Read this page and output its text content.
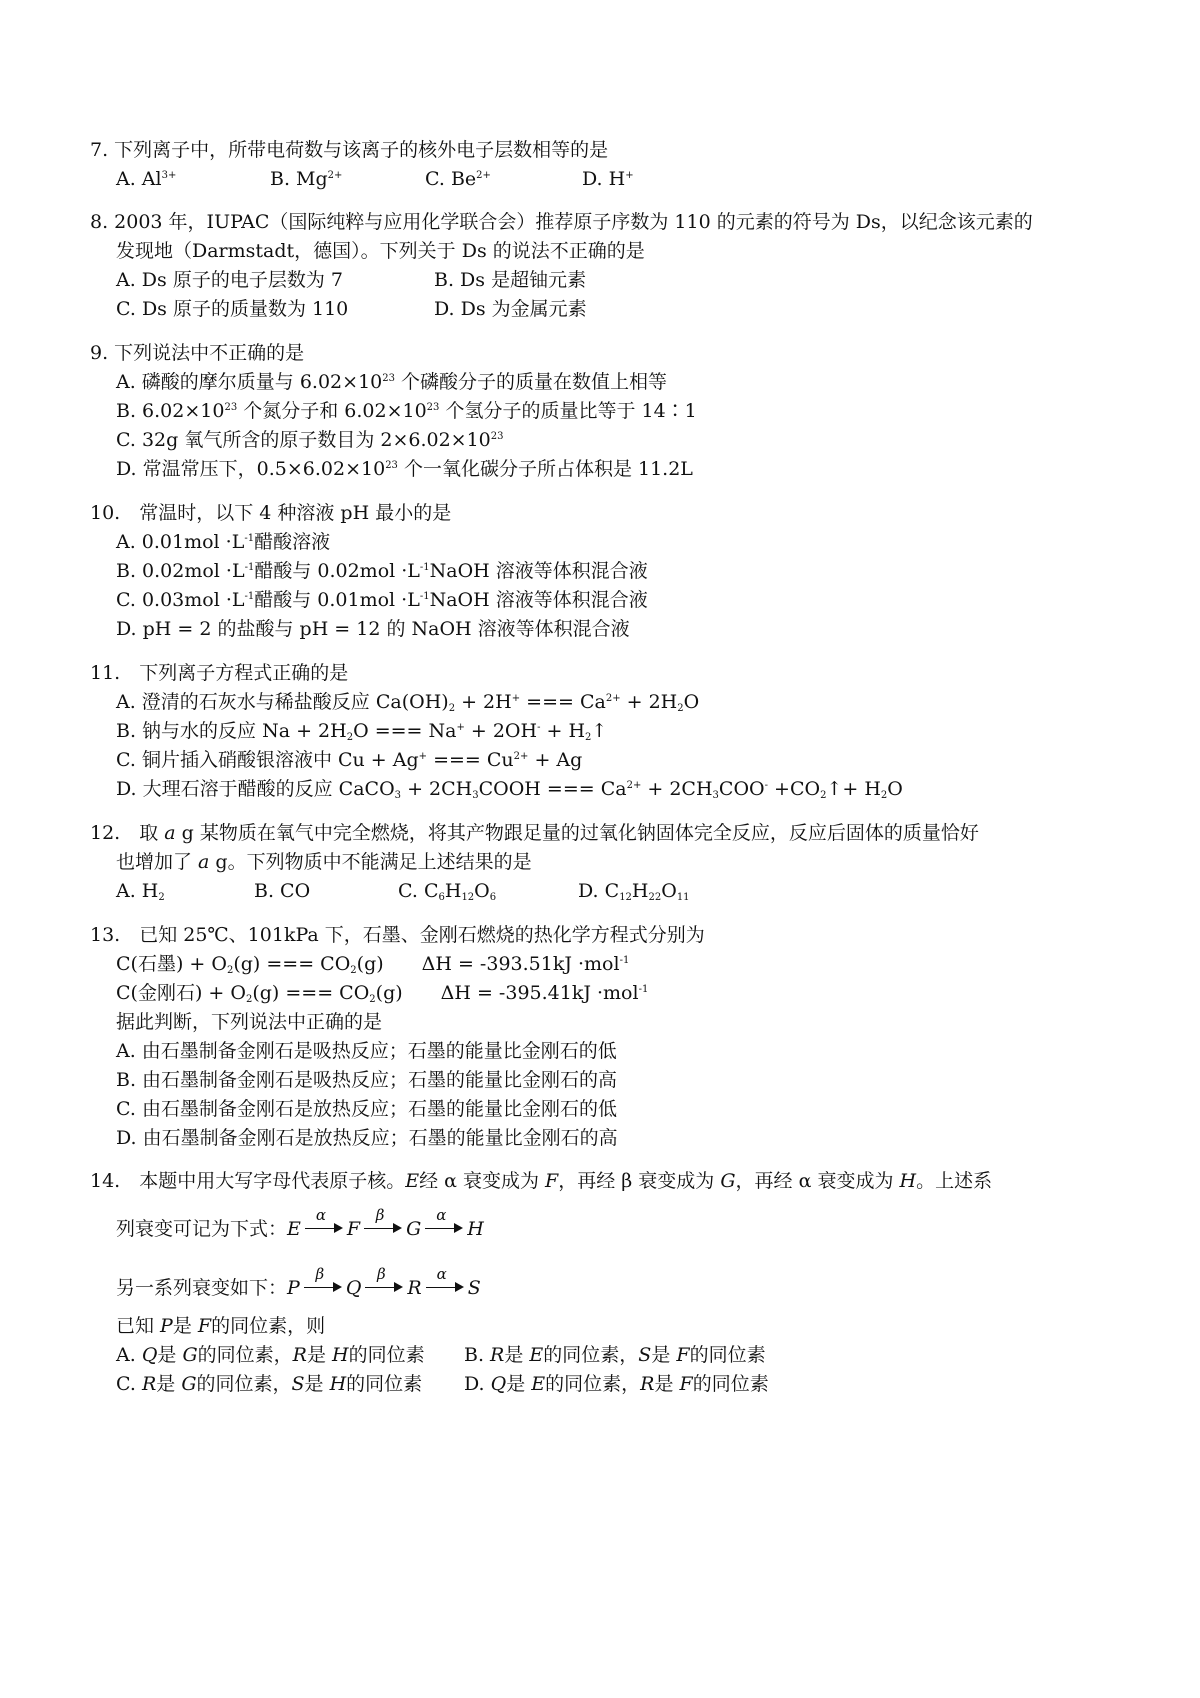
7. 下列离子中，所带电荷数与该离子的核外电子层数相等的是
A. $Al^{3+}$	B. $Mg^{2+}$	C. $Be^{2+}$	D. H+
8. 2003 年，IUPAC（国际纯粹与应用化学联合会）推荐原子序数为 110 的元素的符号为 Ds，以纪念该元素的
发现地（Darmstadt，德国）。下列关于 Ds 的说法不正确的是
A. Ds 原子的电子层数为 7	B. Ds 是超铀元素
C. Ds 原子的质量数为 110	D. Ds 为金属元素
9. 下列说法中不正确的是
A. 磷酸的摩尔质量与 $6.02\times 10^{23}$ 个磷酸分子的质量在数值上相等
B. $6.02\times 10^{23}$ 个氮分子和 $6.02\times 10^{23}$ 个氢分子的质量比等于 14∶1
C. 32g 氧气所含的原子数目为 $2\times 6.02\times 10^{23}$
D. 常温常压下，$0.5\times 6.02\times 10^{23}$ 个一氧化碳分子所占体积是 11.2L
10.　常温时，以下 4 种溶液 pH 最小的是
A. $0.01mol \cdot L^{-1}$醋酸溶液
B. $0.02mol \cdot L^{-1}$醋酸与 $0.02mol \cdot L^{-1}NaOH$ 溶液等体积混合液
C. $0.03mol \cdot L^{-1}$醋酸与 $0.01mol \cdot L^{-1}NaOH$ 溶液等体积混合液
D. pH = 2 的盐酸与 pH = 12 的 NaOH 溶液等体积混合液
11.　下列离子方程式正确的是
A. 澄清的石灰水与稀盐酸反应 $Ca(OH)_2 + 2H^+$ === $Ca^{2+} + 2H_2O$
B. 钠与水的反应 $Na + 2H_2O$ === $Na^+ + 2OH^- + H_2↑$
C. 铜片插入硝酸银溶液中 Cu + Ag+ === $Cu^{2+} + Ag$
D. 大理石溶于醋酸的反应 CaCO$_3$ + $2CH_3COOH$ === $Ca^{2+} + 2CH_3COO^-$ $+CO_2↑+ H_2O$
12.　取 a g 某物质在氧气中完全燃烧，将其产物跟足量的过氧化钠固体完全反应，反应后固体的质量恰好
也增加了 a g。下列物质中不能满足上述结果的是
A. $H_2$	B. CO	C. $C_6H_{12}O_6$	D. $C_{12}H_{22}O_{11}$
13.　已知 25℃、101kPa 下，石墨、金刚石燃烧的热化学方程式分别为
C(石墨) + $O_2(g)$ === $CO_2(g)$　　ΔH = -393.51kJ ·mol$^{-1}$
C(金刚石) + $O_2(g)$ === $CO_2(g)$　　ΔH = -395.41kJ ·mol$^{-1}$
据此判断，下列说法中正确的是
A. 由石墨制备金刚石是吸热反应；石墨的能量比金刚石的低
B. 由石墨制备金刚石是吸热反应；石墨的能量比金刚石的高
C. 由石墨制备金刚石是放热反应；石墨的能量比金刚石的低
D. 由石墨制备金刚石是放热反应；石墨的能量比金刚石的高
14.　本题中用大写字母代表原子核。E经 α 衰变成为 F，再经 β 衰变成为 G，再经 α 衰变成为 H。上述系
列衰变可记为下式：E
α
F
β
G
α
H
另一系列衰变如下：P
β
Q
β
R
α
S
已知 P是 F的同位素，则
A. Q是 G的同位素，R是 H的同位素 B. R是 E的同位素，S是 F的同位素
C. R是 G的同位素，S是 H的同位素 D. Q是 E的同位素，R是 F的同位素
